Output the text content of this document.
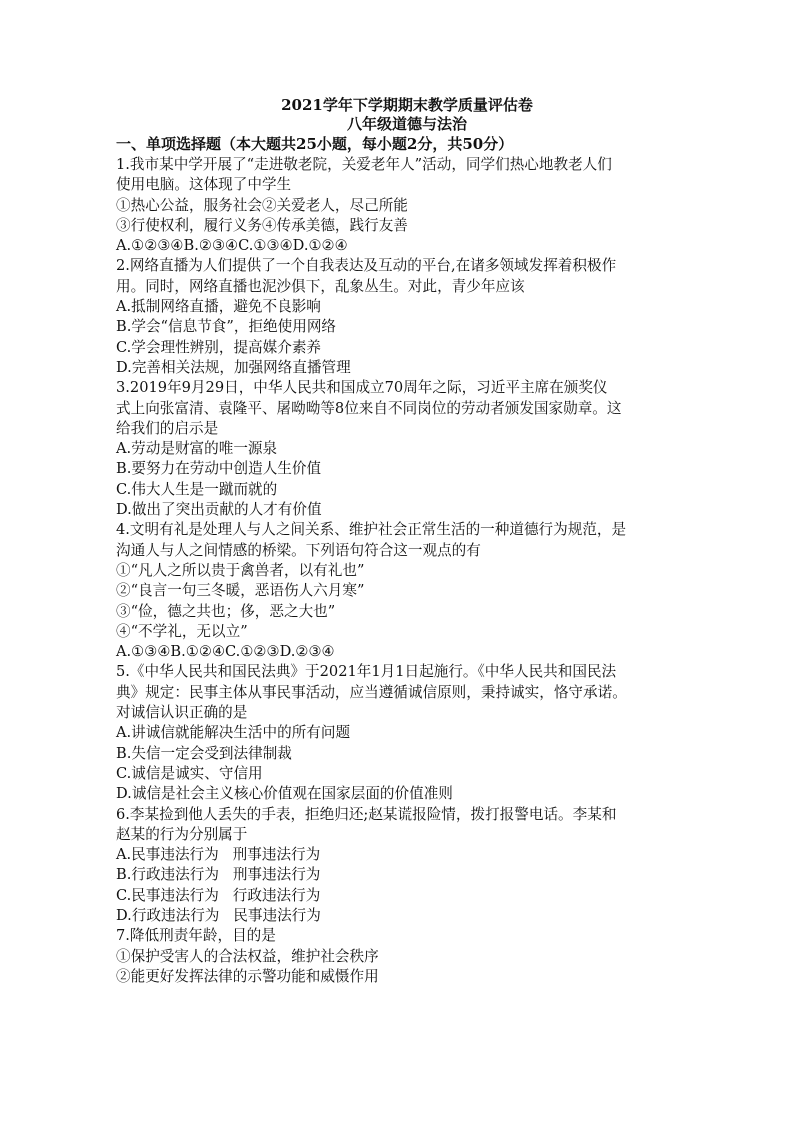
2021学年下学期期末教学质量评估卷
八年级道德与法治
一、单项选择题（本大题共25小题，每小题2分，共50分）
1.我市某中学开展了“走进敬老院，关爱老年人”活动，同学们热心地教老人们
使用电脑。这体现了中学生
①热心公益，服务社会②关爱老人，尽己所能
③行使权利，履行义务④传承美德，践行友善
A.①②③④B.②③④C.①③④D.①②④
2.网络直播为人们提供了一个自我表达及互动的平台,在诸多领域发挥着积极作
用。同时，网络直播也泥沙俱下，乱象丛生。对此，青少年应该
A.抵制网络直播，避免不良影响
B.学会“信息节食”，拒绝使用网络
C.学会理性辨别，提高媒介素养
D.完善相关法规，加强网络直播管理
3.2019年9月29日，中华人民共和国成立70周年之际，习近平主席在颁奖仪
式上向张富清、袁隆平、屠呦呦等8位来自不同岗位的劳动者颁发国家勋章。这
给我们的启示是
A.劳动是财富的唯一源泉
B.要努力在劳动中创造人生价值
C.伟大人生是一蹴而就的
D.做出了突出贡献的人才有价值
4.文明有礼是处理人与人之间关系、维护社会正常生活的一种道德行为规范，是
沟通人与人之间情感的桥梁。下列语句符合这一观点的有
①“凡人之所以贵于禽兽者，以有礼也”
②“良言一句三冬暖，恶语伤人六月寒”
③“俭，德之共也；侈，恶之大也”
④“不学礼，无以立”
A.①③④B.①②④C.①②③D.②③④
5.《中华人民共和国民法典》于2021年1月1日起施行。《中华人民共和国民法
典》规定：民事主体从事民事活动，应当遵循诚信原则，秉持诚实，恪守承诺。
对诚信认识正确的是
A.讲诚信就能解决生活中的所有问题
B.失信一定会受到法律制裁
C.诚信是诚实、守信用
D.诚信是社会主义核心价值观在国家层面的价值准则
6.李某捡到他人丢失的手表，拒绝归还;赵某谎报险情，拨打报警电话。李某和
赵某的行为分别属于
A.民事违法行为   刑事违法行为
B.行政违法行为   刑事违法行为
C.民事违法行为   行政违法行为
D.行政违法行为   民事违法行为
7.降低刑责年龄，目的是
①保护受害人的合法权益，维护社会秩序
②能更好发挥法律的示警功能和威慑作用
